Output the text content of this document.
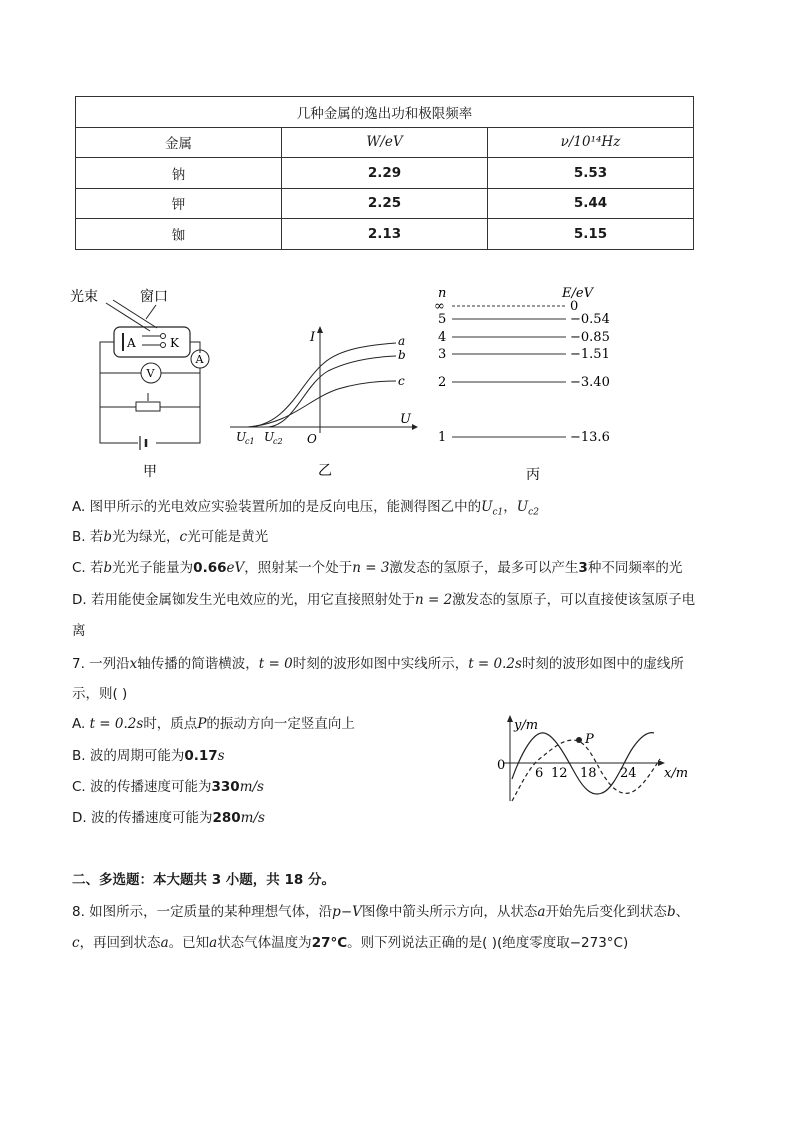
几种金属的逸出功和极限频率		
金属	W/eV	ν/10¹⁴Hz
钠	2.29	5.53
钾	2.25	5.44
铷	2.13	5.15
光束	窗口
A	K
A
V
甲
I
U
O
a
b
c
U
c1 U
c2
乙
n	E/eV
∞	0
5	−0.54
4	−0.85
3	−1.51
2	−3.40
1	−13.6
丙
A. 图甲所示的光电效应实验装置所加的是反向电压，能测得图乙中的$U_{c1}$，$U_{c2}$
B. 若b光为绿光，c光可能是黄光
C. 若b光光子能量为0.66eV，照射某一个处于n = 3激发态的氢原子，最多可以产生3种不同频率的光
D. 若用能使金属铷发生光电效应的光，用它直接照射处于n = 2激发态的氢原子，可以直接使该氢原子电
离
7. 一列沿x轴传播的简谐横波，t = 0时刻的波形如图中实线所示，t = 0.2s时刻的波形如图中的虚线所
示，则( )
A. t = 0.2s时，质点P的振动方向一定竖直向上
B. 波的周期可能为0.17s
C. 波的传播速度可能为330m/s
D. 波的传播速度可能为280m/s
y/m
x/m
0
P
6 12 18 24
二、多选题：本大题共 3 小题，共 18 分。
8. 如图所示，一定质量的某种理想气体，沿p−V图像中箭头所示方向，从状态a开始先后变化到状态b、
c，再回到状态a。已知a状态气体温度为27°C。则下列说法正确的是( )(绝度零度取−273°C)
